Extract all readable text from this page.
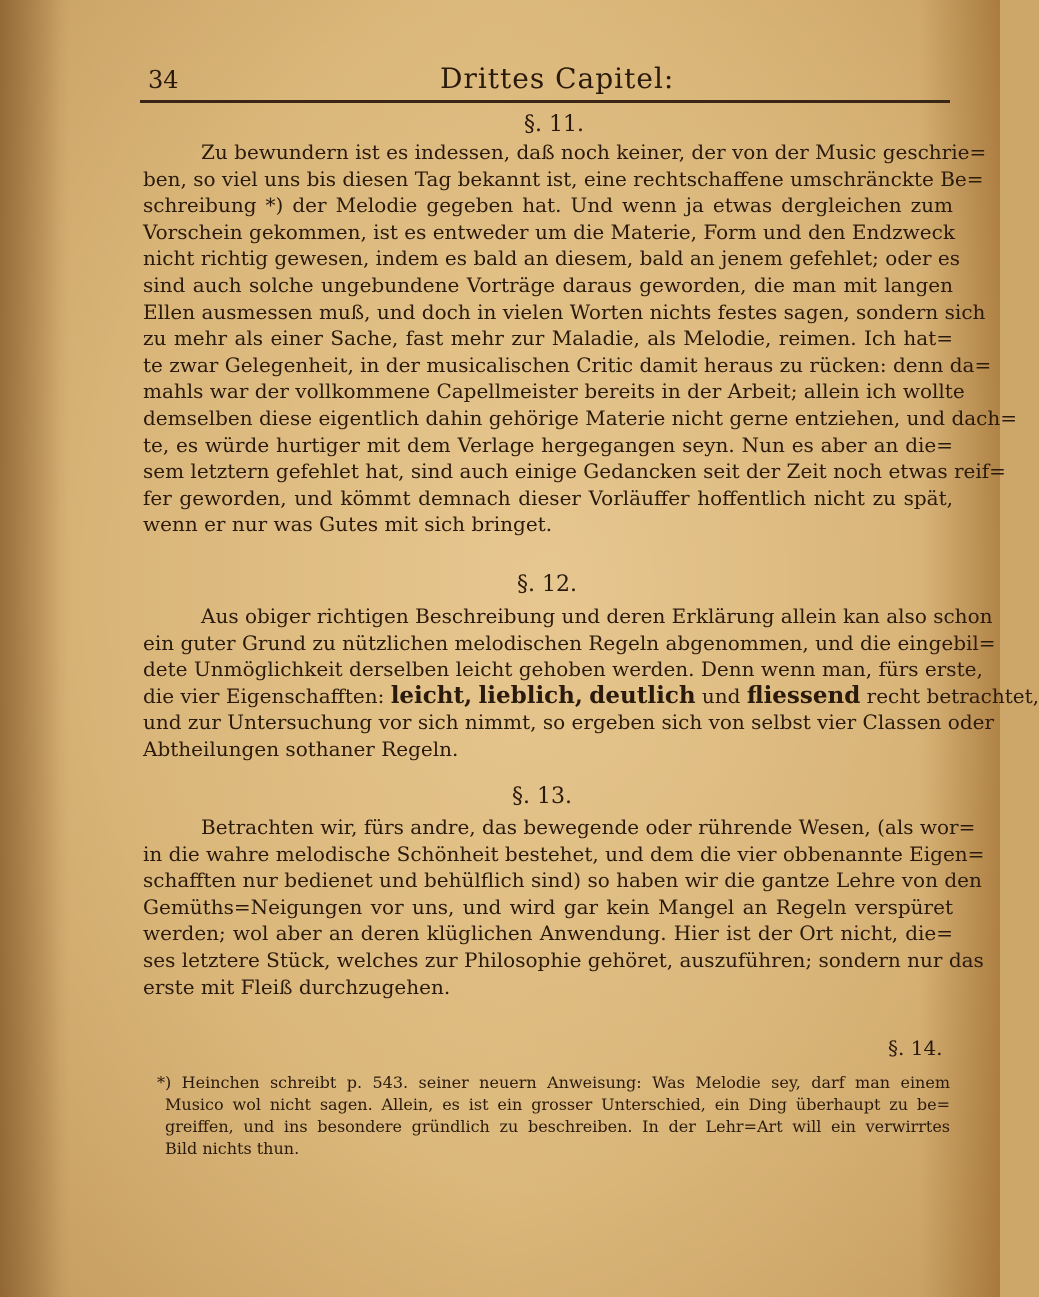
34	Drittes Capitel:
§. 11.
Zu bewundern ist es indessen, daß noch keiner, der von der Music geschrie=
ben, so viel uns bis diesen Tag bekannt ist, eine rechtschaffene umschränckte Be=
schreibung *) der Melodie gegeben hat. Und wenn ja etwas dergleichen zum
Vorschein gekommen, ist es entweder um die Materie, Form und den Endzweck
nicht richtig gewesen, indem es bald an diesem, bald an jenem gefehlet; oder es
sind auch solche ungebundene Vorträge daraus geworden, die man mit langen
Ellen ausmessen muß, und doch in vielen Worten nichts festes sagen, sondern sich
zu mehr als einer Sache, fast mehr zur Maladie, als Melodie, reimen. Ich hat=
te zwar Gelegenheit, in der musicalischen Critic damit heraus zu rücken: denn da=
mahls war der vollkommene Capellmeister bereits in der Arbeit; allein ich wollte
demselben diese eigentlich dahin gehörige Materie nicht gerne entziehen, und dach=
te, es würde hurtiger mit dem Verlage hergegangen seyn. Nun es aber an die=
sem letztern gefehlet hat, sind auch einige Gedancken seit der Zeit noch etwas reif=
fer geworden, und kömmt demnach dieser Vorläuffer hoffentlich nicht zu spät,
wenn er nur was Gutes mit sich bringet.
§. 12.
Aus obiger richtigen Beschreibung und deren Erklärung allein kan also schon
ein guter Grund zu nützlichen melodischen Regeln abgenommen, und die eingebil=
dete Unmöglichkeit derselben leicht gehoben werden. Denn wenn man, fürs erste,
die vier Eigenschafften: leicht, lieblich, deutlich und fliessend recht betrachtet,
und zur Untersuchung vor sich nimmt, so ergeben sich von selbst vier Classen oder
Abtheilungen sothaner Regeln.
§. 13.
Betrachten wir, fürs andre, das bewegende oder rührende Wesen, (als wor=
in die wahre melodische Schönheit bestehet, und dem die vier obbenannte Eigen=
schafften nur bedienet und behülflich sind) so haben wir die gantze Lehre von den
Gemüths=Neigungen vor uns, und wird gar kein Mangel an Regeln verspüret
werden; wol aber an deren klüglichen Anwendung. Hier ist der Ort nicht, die=
ses letztere Stück, welches zur Philosophie gehöret, auszuführen; sondern nur das
erste mit Fleiß durchzugehen.
§. 14.
*) Heinchen schreibt p. 543. seiner neuern Anweisung: Was Melodie sey, darf man einem
Musico wol nicht sagen. Allein, es ist ein grosser Unterschied, ein Ding überhaupt zu be=
greiffen, und ins besondere gründlich zu beschreiben. In der Lehr=Art will ein verwirrtes
Bild nichts thun.
